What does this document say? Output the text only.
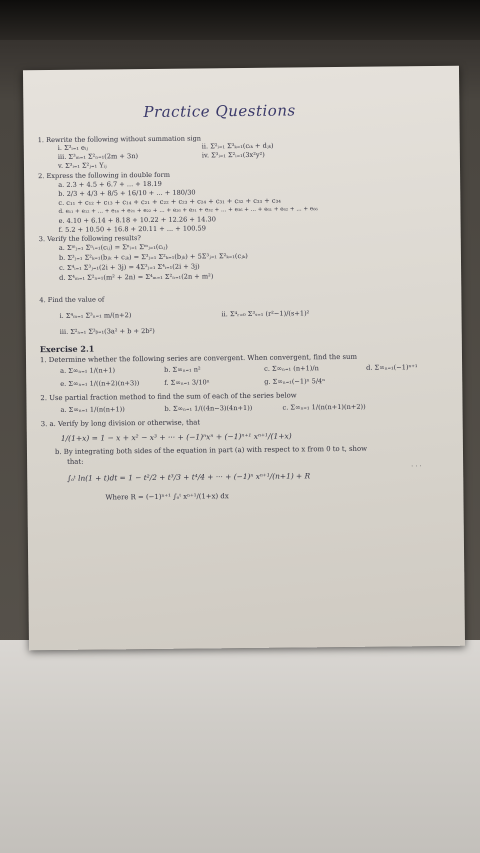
Practice Questions
1. Rewrite the following without summation sign
i. Σ³ᵢ₌₁ eᵢⱼ	ii. Σ²ᵢ₌₁ Σ³ₖ₌₁(cᵢₖ + dⱼₖ)
iii. Σ³ₘ₌₁ Σ²ₙ₌₁(2m + 3n)	iv. Σ³ᵢ₌₁ Σ²ᵢ₌₁(3x²y²)
v. Σ³ᵢ₌₁ Σ²ⱼ₌₁ Yᵢⱼ
2. Express the following in double form
a. 2.3 + 4.5 + 6.7 + ... + 18.19
b. 2/3 + 4/3 + 8/5 + 16/10 + ... + 180/30
c. c₁₁ + c₁₂ + c₁₃ + c₁₄ + c₂₁ + c₂₂ + c₂₃ + c₂₄ + c₃₁ + c₃₂ + c₃₃ + c₃₄
d. e₁₁ + e₁₂ + ... + e₁₆ + e₂₁ + e₂₂ + ... + e₂₆ + e₃₁ + e₃₂ + ... + e₃₆ + ... + e₆₁ + e₆₂ + ... + e₆₆
e. 4.10 + 6.14 + 8.18 + 10.22 + 12.26 + 14.30
f. 5.2 + 10.50 + 16.8 + 20.11 + ... + 100.59
3. Verify the following results?
a. Σᵐⱼ₌₁ Σⁿᵢ₌₁(cᵢⱼ) = Σⁿᵢ₌₁ Σᵐⱼ₌₁(cᵢⱼ)
b. Σ³ⱼ₌₁ Σ²ₖ₌₁(bⱼₖ + cⱼₖ) = Σ³ⱼ₌₁ Σ²ₖ₌₁(bⱼₖ) + 5Σ³ⱼ₌₁ Σ²ₖ₌₁(cⱼₖ)
c. Σ⁴ᵢ₌₁ Σ³ⱼ₌₁(2i + 3j) = 4Σ³ⱼ₌₁ Σ⁴ᵢ₌₁(2i + 3j)
d. Σ⁴ₘ₌₁ Σ²ₙ₌₁(m² + 2n) = Σ⁴ₘ₌₁ Σ²ₙ₌₁(2n + m²)
4. Find the value of
i. Σ⁴ₘ₌₁ Σ³ₙ₌₁ m/(n+2)	ii. Σ⁴ᵣ₌₀ Σ³ₛ₌₁ (r²−1)/(s+1)²
iii. Σ²ₐ₌₁ Σ³ᵦ₌₁(3a² + b + 2b²)
Exercise 2.1
1. Determine whether the following series are convergent. When convergent, find the sum
a. Σ∞ₙ₌₁ 1/(n+1)	b. Σ∞ₙ₌₁ n²	c. Σ∞ₙ₌₁ (n+1)/n	d. Σ∞ₙ₌₁(−1)ⁿ⁺¹
e. Σ∞ₙ₌₁ 1/((n+2)(n+3))	f. Σ∞ₙ₌₁ 3/10ⁿ	g. Σ∞ₙ₌₁(−1)ⁿ 5/4ⁿ
2. Use partial fraction method to find the sum of each of the series below
a. Σ∞ₙ₌₁ 1/(n(n+1))	b. Σ∞ₙ₌₁ 1/((4n−3)(4n+1))	c. Σ∞ₙ₌₁ 1/(n(n+1)(n+2))
3. a. Verify by long division or otherwise, that
1/(1+x) = 1 − x + x² − x³ + ··· + (−1)ⁿxⁿ + (−1)ⁿ⁺¹ xⁿ⁺¹/(1+x)
b. By integrating both sides of the equation in part (a) with respect to x from 0 to t, show
that:
∫ₒᵗ ln(1 + t)dt = 1 − t²/2 + t³/3 + t⁴/4 + ··· + (−1)ⁿ xⁿ⁺¹/(n+1) + R
Where R = (−1)ⁿ⁺¹ ∫ₒᵗ xⁿ⁺¹/(1+x) dx
. . .
